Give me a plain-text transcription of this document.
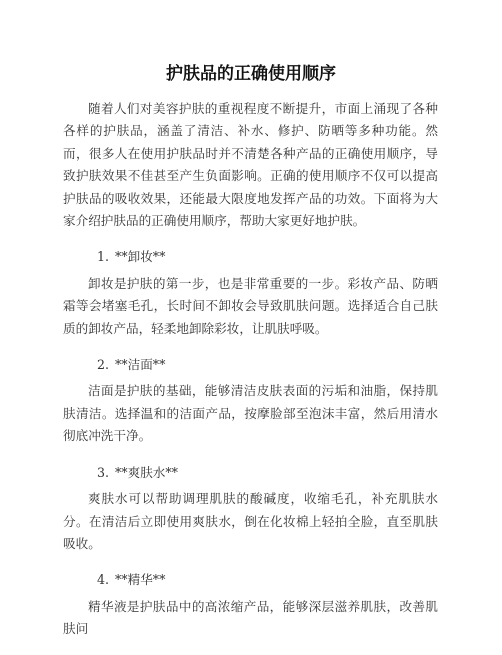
护肤品的正确使用顺序

随着人们对美容护肤的重视程度不断提升，市面上涌现了各种各样的护肤品，涵盖了清洁、补水、修护、防晒等多种功能。然而，很多人在使用护肤品时并不清楚各种产品的正确使用顺序，导致护肤效果不佳甚至产生负面影响。正确的使用顺序不仅可以提高护肤品的吸收效果，还能最大限度地发挥产品的功效。下面将为大家介绍护肤品的正确使用顺序，帮助大家更好地护肤。

1. **卸妆**

卸妆是护肤的第一步，也是非常重要的一步。彩妆产品、防晒霜等会堵塞毛孔，长时间不卸妆会导致肌肤问题。选择适合自己肤质的卸妆产品，轻柔地卸除彩妆，让肌肤呼吸。

2. **洁面**

洁面是护肤的基础，能够清洁皮肤表面的污垢和油脂，保持肌肤清洁。选择温和的洁面产品，按摩脸部至泡沫丰富，然后用清水彻底冲洗干净。

3. **爽肤水**

爽肤水可以帮助调理肌肤的酸碱度，收缩毛孔，补充肌肤水分。在清洁后立即使用爽肤水，倒在化妆棉上轻拍全脸，直至肌肤吸收。

4. **精华**

精华液是护肤品中的高浓缩产品，能够深层滋养肌肤，改善肌肤问
